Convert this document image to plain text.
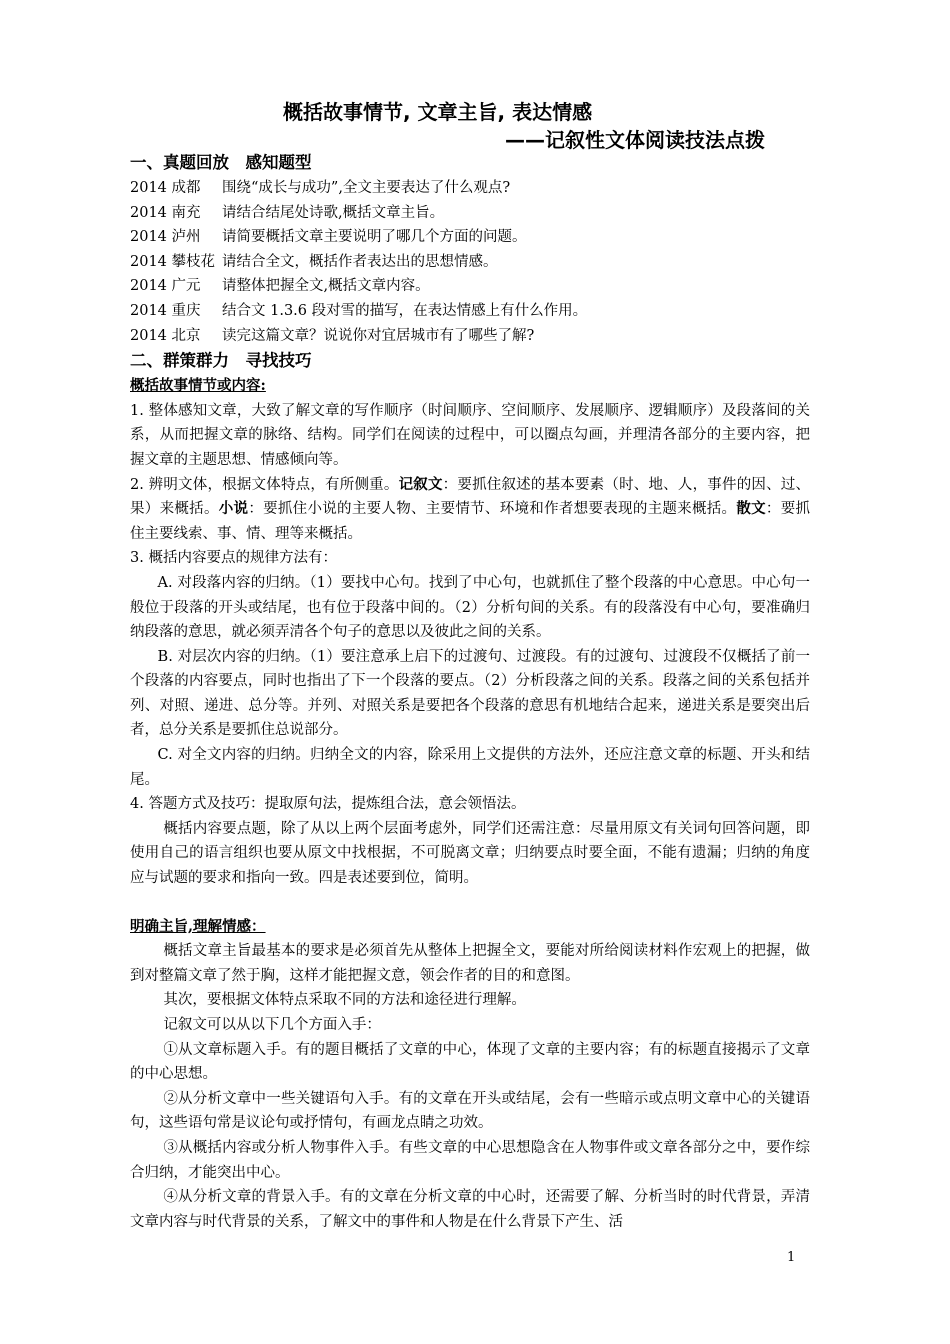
概括故事情节, 文章主旨, 表达情感
——记叙性文体阅读技法点拨
一、真题回放　感知题型
2014 成都 围绕“成长与成功”,全文主要表达了什么观点?
2014 南充 请结合结尾处诗歌,概括文章主旨。
2014 泸州 请简要概括文章主要说明了哪几个方面的问题。
2014 攀枝花 请结合全文，概括作者表达出的思想情感。
2014 广元 请整体把握全文,概括文章内容。
2014 重庆 结合文 1.3.6 段对雪的描写，在表达情感上有什么作用。
2014 北京 读完这篇文章？说说你对宜居城市有了哪些了解?
二、群策群力　寻找技巧
概括故事情节或内容:

1. 整体感知文章，大致了解文章的写作顺序（时间顺序、空间顺序、发展顺序、逻辑顺序）及段落间的关系，从而把握文章的脉络、结构。同学们在阅读的过程中，可以圈点勾画，并理清各部分的主要内容，把握文章的主题思想、情感倾向等。

2. 辨明文体，根据文体特点，有所侧重。记叙文：要抓住叙述的基本要素（时、地、人，事件的因、过、果）来概括。小说：要抓住小说的主要人物、主要情节、环境和作者想要表现的主题来概括。散文：要抓住主要线索、事、情、理等来概括。

3. 概括内容要点的规律方法有：

A. 对段落内容的归纳。（1）要找中心句。找到了中心句，也就抓住了整个段落的中心意思。中心句一般位于段落的开头或结尾，也有位于段落中间的。（2）分析句间的关系。有的段落没有中心句，要准确归纳段落的意思，就必须弄清各个句子的意思以及彼此之间的关系。

B. 对层次内容的归纳。（1）要注意承上启下的过渡句、过渡段。有的过渡句、过渡段不仅概括了前一个段落的内容要点，同时也指出了下一个段落的要点。（2）分析段落之间的关系。段落之间的关系包括并列、对照、递进、总分等。并列、对照关系是要把各个段落的意思有机地结合起来，递进关系是要突出后者，总分关系是要抓住总说部分。

C. 对全文内容的归纳。归纳全文的内容，除采用上文提供的方法外，还应注意文章的标题、开头和结尾。

4. 答题方式及技巧：提取原句法，提炼组合法，意会领悟法。

概括内容要点题，除了从以上两个层面考虑外，同学们还需注意：尽量用原文有关词句回答问题，即使用自己的语言组织也要从原文中找根据，不可脱离文章；归纳要点时要全面，不能有遗漏；归纳的角度应与试题的要求和指向一致。四是表述要到位，简明。

明确主旨,理解情感：

概括文章主旨最基本的要求是必须首先从整体上把握全文，要能对所给阅读材料作宏观上的把握，做到对整篇文章了然于胸，这样才能把握文意，领会作者的目的和意图。

其次，要根据文体特点采取不同的方法和途径进行理解。

记叙文可以从以下几个方面入手：

①从文章标题入手。有的题目概括了文章的中心，体现了文章的主要内容；有的标题直接揭示了文章的中心思想。

②从分析文章中一些关键语句入手。有的文章在开头或结尾，会有一些暗示或点明文章中心的关键语句，这些语句常是议论句或抒情句，有画龙点睛之功效。

③从概括内容或分析人物事件入手。有些文章的中心思想隐含在人物事件或文章各部分之中，要作综合归纳，才能突出中心。

④从分析文章的背景入手。有的文章在分析文章的中心时，还需要了解、分析当时的时代背景，弄清文章内容与时代背景的关系，了解文中的事件和人物是在什么背景下产生、活

1
